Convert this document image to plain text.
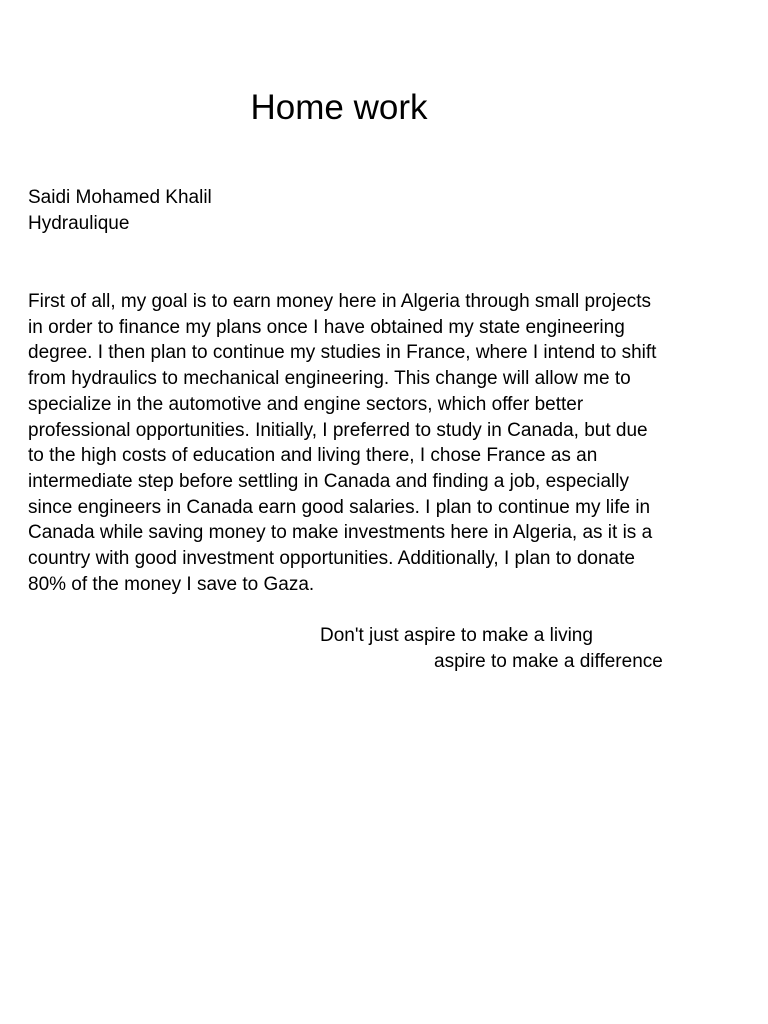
Home work
Saidi Mohamed Khalil
Hydraulique
First of all, my goal is to earn money here in Algeria through small projects
in order to finance my plans once I have obtained my state engineering
degree. I then plan to continue my studies in France, where I intend to shift
from hydraulics to mechanical engineering. This change will allow me to
specialize in the automotive and engine sectors, which offer better
professional opportunities. Initially, I preferred to study in Canada, but due
to the high costs of education and living there, I chose France as an
intermediate step before settling in Canada and finding a job, especially
since engineers in Canada earn good salaries. I plan to continue my life in
Canada while saving money to make investments here in Algeria, as it is a
country with good investment opportunities. Additionally, I plan to donate
80% of the money I save to Gaza.
Don't just aspire to make a living
aspire to make a difference
